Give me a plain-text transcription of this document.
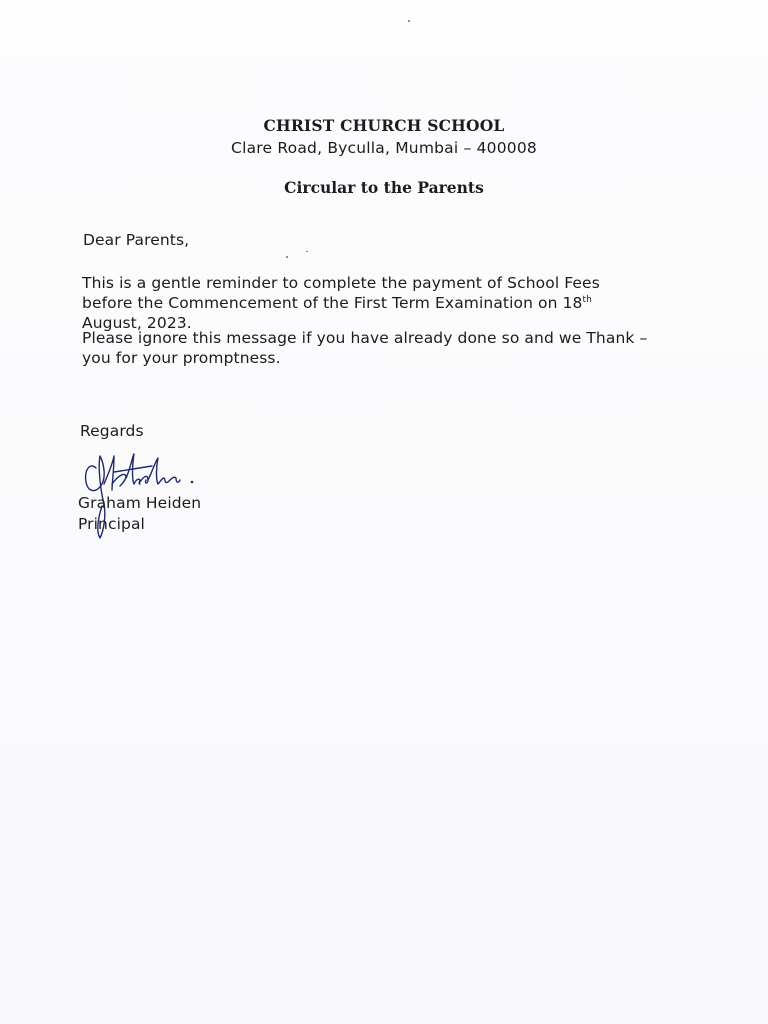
CHRIST CHURCH SCHOOL
Clare Road, Byculla, Mumbai – 400008
Circular to the Parents
Dear Parents,
This is a gentle reminder to complete the payment of School Fees before the Commencement of the First Term Examination on 18th August, 2023.
Please ignore this message if you have already done so and we Thank – you for your promptness.
Regards
Graham Heiden
Principal
